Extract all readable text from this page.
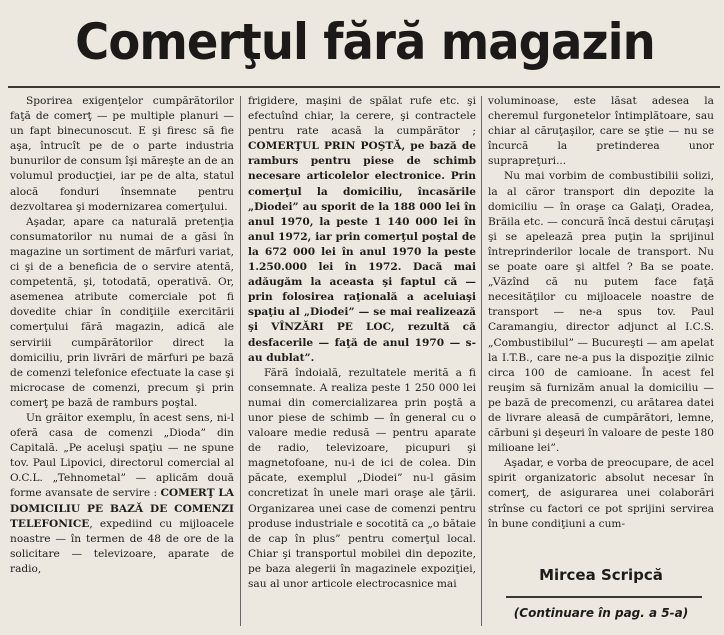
Comerţul fără magazin

Sporirea exigenţelor cumpărătorilor faţă de comerţ — pe multiple planuri — un fapt binecunoscut. E şi firesc să fie aşa, întrucît pe de o parte industria bunurilor de consum îşi măreşte an de an volumul producţiei, iar pe de alta, statul alocă fonduri însemnate pentru dezvoltarea şi modernizarea comerţului.

Aşadar, apare ca naturală pretenţia consumatorilor nu numai de a găsi în magazine un sortiment de mărfuri variat, ci şi de a beneficia de o servire atentă, competentă, şi, totodată, operativă. Or, asemenea atribute comerciale pot fi dovedite chiar în condiţiile exercitării comerţului fără magazin, adică ale serviriii cumpărătorilor direct la domiciliu, prin livrări de mărfuri pe bază de comenzi telefonice efectuate la case şi microcase de comenzi, precum şi prin comerţ pe bază de ramburs poştal.

Un grăitor exemplu, în acest sens, ni-l oferă casa de comenzi „Dioda” din Capitală. „Pe aceluşi spaţiu — ne spune tov. Paul Lipovici, directorul comercial al O.C.L. „Tehnometal” — aplicăm două forme avansate de servire : COMERŢ LA DOMICILIU PE BAZĂ DE COMENZI TELEFONICE, expediind cu mijloacele noastre — în termen de 48 de ore de la solicitare — televizoare, aparate de radio,

frigidere, maşini de spălat rufe etc. şi efectuînd chiar, la cerere, şi contractele pentru rate acasă la cumpărător ; COMERŢUL PRIN POŞTĂ, pe bază de ramburs pentru piese de schimb necesare articolelor electronice. Prin comerţul la domiciliu, încasările „Diodei” au sporit de la 188 000 lei în anul 1970, la peste 1 140 000 lei în anul 1972, iar prin comerţul poştal de la 672 000 lei în anul 1970 la peste 1.250.000 lei în 1972. Dacă mai adăugăm la aceasta şi faptul că — prin folosirea raţională a aceluiaşi spaţiu al „Diodei” — se mai realizează şi VÎNZĂRI PE LOC, rezultă că desfacerile — faţă de anul 1970 — s-au dublat”.

Fără îndoială, rezultatele merită a fi consemnate. A realiza peste 1 250 000 lei numai din comercializarea prin poştă a unor piese de schimb — în general cu o valoare medie redusă — pentru aparate de radio, televizoare, picupuri şi magnetofoane, nu-i de ici de colea. Din păcate, exemplul „Diodei” nu-l găsim concretizat în unele mari oraşe ale ţării. Organizarea unei case de comenzi pentru produse industriale e socotită ca „o bătaie de cap în plus” pentru comerţul local. Chiar şi transportul mobilei din depozite, pe baza alegerii în magazinele expoziţiei, sau al unor articole electrocasnice mai

voluminoase, este lăsat adesea la cheremul furgonetelor întimplătoare, sau chiar al căruţaşilor, care se ştie — nu se încurcă la pretinderea unor suprapreţuri...

Nu mai vorbim de combustibilii solizi, la al căror transport din depozite la domiciliu — în oraşe ca Galaţi, Oradea, Brăila etc. — concură încă destui căruţaşi şi se apelează prea puţin la sprijinul întreprinderilor locale de transport. Nu se poate oare şi altfel ? Ba se poate. „Văzînd că nu putem face faţă necesităţilor cu mijloacele noastre de transport — ne-a spus tov. Paul Caramangiu, director adjunct al I.C.S. „Combustibilul” — Bucureşti — am apelat la I.T.B., care ne-a pus la dispoziţie zilnic circa 100 de camioane. În acest fel reuşim să furnizăm anual la domiciliu — pe bază de precomenzi, cu arătarea datei de livrare aleasă de cumpărători, lemne, cărbuni şi deşeuri în valoare de peste 180 milioane lei”.

Aşadar, e vorba de preocupare, de acel spirit organizatoric absolut necesar în comerţ, de asigurarea unei colaborări strînse cu factori ce pot sprijini servirea în bune condiţiuni a cum-

Mircea Scripcă
(Continuare în pag. a 5-a)
